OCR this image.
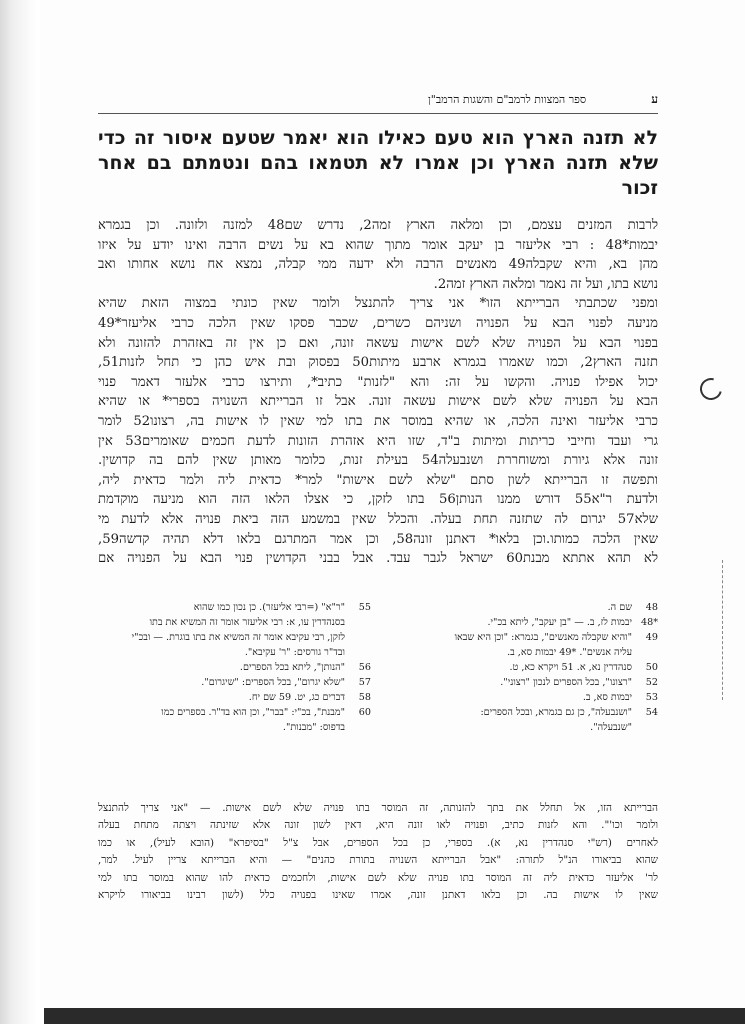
ע
ספר המצוות לרמב"ם והשגות הרמב"ן
לא תזנה הארץ הוא טעם כאילו הוא יאמר שטעם איסור זה כדי
שלא תזנה הארץ וכן אמרו לא תטמאו בהם ונטמתם בם אחר זכור
לרבות המזנים עצמם, וכן ומלאה הארץ זמה2, נדרש שם48 למזנה ולזונה. וכן בגמרא
יבמות*48 : רבי אליעזר בן יעקב אומר מתוך שהוא בא על נשים הרבה ואינו יודע על איזו
מהן בא, והיא שקבלה49 מאנשים הרבה ולא ידעה ממי קבלה, נמצא אח נושא אחותו ואב
נושא בתו, ועל זה נאמר ומלאה הארץ זמה2.
ומפני שכתבתי הברייתא הזו* אני צריך להתנצל ולומר שאין כונתי במצוה הזאת שהיא
מניעה לפנוי הבא על הפנויה ושניהם כשרים, שכבר פסקו שאין הלכה כרבי אליעזר*49
בפנוי הבא על הפנויה שלא לשם אישות עשאה זונה, ואם כן אין זה באזהרת להזונה ולא
תזנה הארץ2, וכמו שאמרו בגמרא ארבע מיתות50 בפסוק ובת איש כהן כי תחל לזנות51,
יכול אפילו פנויה. והקשו על זה: והא "לזנות" כתיב*, ותירצו כרבי אלעזר דאמר פנוי
הבא על הפנויה שלא לשם אישות עשאה זונה. אבל זו הברייתא השנויה בספרי* או שהיא
כרבי אליעזר ואינה הלכה, או שהיא במוסר את בתו למי שאין לו אישות בה, רצונו52 לומר
גרי ועבד וחייבי כריתות ומיתות ב"ד, שזו היא אזהרת הזונות לדעת חכמים שאומרים53 אין
זונה אלא גיורת ומשוחררת ושנבעלה54 בעילת זנות, כלומר מאותן שאין להם בה קדושין.
ותפשה זו הברייתא לשון סתם "שלא לשם אישות" למר* כדאית ליה ולמר כדאית ליה,
ולדעת ר"א55 דורש ממנו הנותן56 בתו לזקן, כי אצלו הלאו הזה הוא מניעה מוקדמת
שלא57 יגרום לה שתזנה תחת בעלה. והכלל שאין במשמע הזה ביאת פנויה אלא לדעת מי
שאין הלכה כמותו.וכן בלאו* דאתנן זונה58, וכן אמר המתרגם בלאו דלא תהיה קדשה59,
לא תהא אתתא מבנת60 ישראל לגבר עבד. אבל בבני הקדושין פנוי הבא על הפנויה אם
48
שם ה.
*48
יבמות לז, ב. — "בן יעקב", ליתא בכ"י.
49
"והיא שקבלה מאנשים", בגמרא: "וכן היא שבאו
עליה אנשים". *49 יבמות סא, ב.
50
סנהדרין נא, א. 51 ויקרא כא, ט.
52
"רצונו", בכל הספרים לנכון "רצוני".
53
יבמות סא, ב.
54
"ושנבעלה", כן גם בגמרא, ובכל הספרים:
"שנבעלה".
55
"ר"א" (=רבי אליעזר). כן נכון כמו שהוא
בסנהדרין עו, א: רבי אליעזר אומר זה המשיא את בתו
לזקן, רבי עקיבא אומר זה המשיא את בתו בוגרת. — ובכ"י
ובד"ר גורסים: "ר' עקיבא".
56
"הנותן", ליתא בכל הספרים.
57
"שלא יגרום", בכל הספרים: "שיגרום".
58
דברים כג, יט. 59 שם יח.
60
"מבנת", בכ"י: "בבר", וכן הוא בד"ר. בספרים כמו
בדפוס: "מבנות".
הברייתא הזו, אל תחלל את בתך להזנותה, זה המוסר בתו פנויה שלא לשם אישות. — "אני צריך להתנצל
ולומר וכו'". והא לזנות כתיב, ופנויה לאו זונה היא, דאין לשון זונה אלא שזינתה ויצתה מתחת בעלה
לאחרים (רש"י סנהדרין נא, א). בספרי, כן בכל הספרים, אבל צ"ל "בסיפרא" (הובא לעיל), או כמו
שהוא בביאורו הנ"ל לתורה: "אבל הברייתא השנויה בתורת כהנים" — והיא הברייתא צריין לעיל. למר,
לר' אליעזר כדאית ליה זה המוסר בתו פנויה שלא לשם אישות, ולחכמים כדאית להו שהוא במוסר בתו למי
שאין לו אישות בה. וכן בלאו דאתנן זונה, אמרו שאינו בפנויה כלל (לשון רבינו בביאורו לויקרא
